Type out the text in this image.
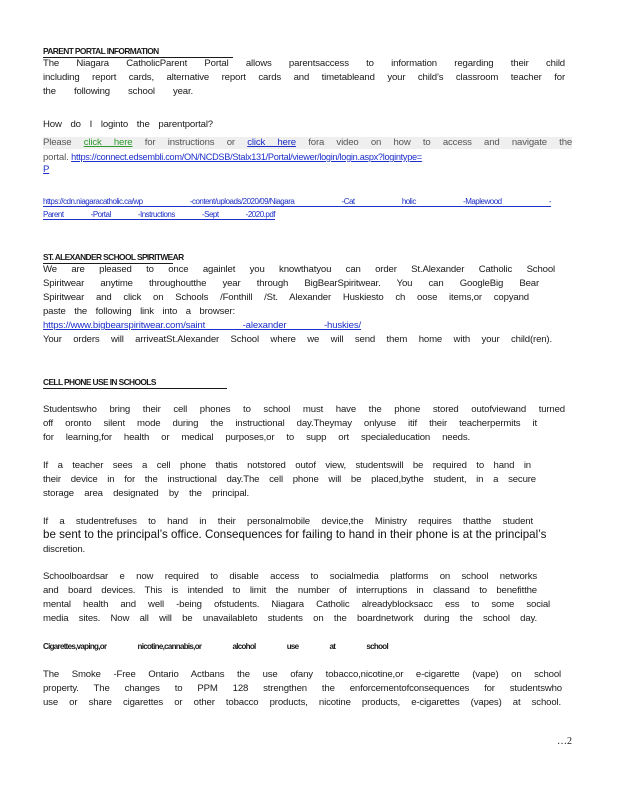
PARENT PORTAL INFORMATION
The Niagara CatholicParent Portal allows parentsaccess to information regarding their child
including report cards, alternative report cards and timetableand your child’s classroom teacher for
the following school year.
How do I loginto the parentportal?
Please click here for instructions or click here fora video on how to access and navigate the
portal. https://connect.edsembli.com/ON/NCDSB/Stalx131/Portal/viewer/login/login.aspx?logintype=
P
https://cdn.niagaracatholic.ca/wp -content/uploads/2020/09/Niagara -Cat holic -Maplewood -
Parent -Portal -Instructions -Sept -2020.pdf
ST. ALEXANDER SCHOOL SPIRITWEAR
We are pleased to once againlet you knowthatyou can order St.Alexander Catholic School
Spiritwear anytime throughoutthe year through BigBearSpiritwear. You can GoogleBig Bear
Spiritwear and click on Schools /Fonthill /St. Alexander Huskiesto ch oose items,or copyand
paste the following link into a browser:
https://www.bigbearspiritwear.com/saint -alexander -huskies/
Your orders will arriveatSt.Alexander School where we will send them home with your child(ren).
CELL PHONE USE IN SCHOOLS
Studentswho bring their cell phones to school must have the phone stored outofviewand turned
off oronto silent mode during the instructional day.Theymay onlyuse itif their teacherpermits it
for learning,for health or medical purposes,or to supp ort specialeducation needs.
If a teacher sees a cell phone thatis notstored outof view, studentswill be required to hand in
their device in for the instructional day.The cell phone will be placed,bythe student, in a secure
storage area designated by the principal.
If a studentrefuses to hand in their personalmobile device,the Ministry requires thatthe student
be sent to the principal’s office. Consequences for failing to hand in their phone is at the principal’s
discretion.
Schoolboardsar e now required to disable access to socialmedia platforms on school networks
and board devices. This is intended to limit the number of interruptions in classand to benefitthe
mental health and well -being ofstudents. Niagara Catholic alreadyblocksacc ess to some social
media sites. Now all will be unavailableto students on the boardnetwork during the school day.
Cigarettes,vaping,or nicotine,cannabis,or alcohol use at school
The Smoke -Free Ontario Actbans the use ofany tobacco,nicotine,or e-cigarette (vape) on school
property. The changes to PPM 128 strengthen the enforcementofconsequences for studentswho
use or share cigarettes or other tobacco products, nicotine products, e-cigarettes (vapes) at school.
…2
